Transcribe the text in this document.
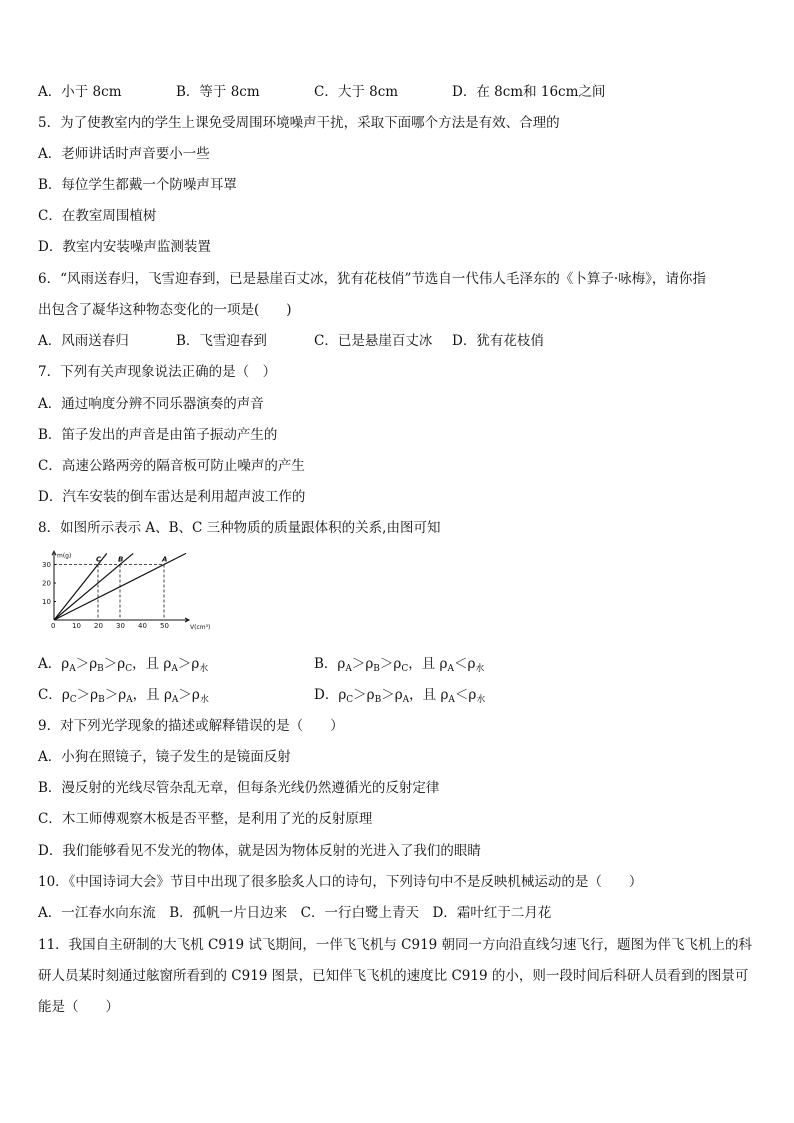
A．小于 8cm	B．等于 8cm	C．大于 8cm	D．在 8cm和 16cm之间
5．为了使教室内的学生上课免受周围环境噪声干扰，采取下面哪个方法是有效、合理的
A．老师讲话时声音要小一些
B．每位学生都戴一个防噪声耳罩
C．在教室周围植树
D．教室内安装噪声监测装置
6．“风雨送春归，飞雪迎春到，已是悬崖百丈冰，犹有花枝俏”节选自一代伟人毛泽东的《卜算子·咏梅》，请你指
出包含了凝华这种物态变化的一项是(　　)
A．风雨送春归	B．飞雪迎春到	C．已是悬崖百丈冰 D．犹有花枝俏
7．下列有关声现象说法正确的是（　）
A．通过响度分辨不同乐器演奏的声音
B．笛子发出的声音是由笛子振动产生的
C．高速公路两旁的隔音板可防止噪声的产生
D．汽车安装的倒车雷达是利用超声波工作的
8．如图所示表示 A、B、C 三种物质的质量跟体积的关系,由图可知
0 10 20 30 40 50
10
20
30
V(cm³)
m(g)	C B	A
A．$\rho_A>\rho_B>\rho_C$，且 $\rho_A>\rho_水$	B．$\rho_A>\rho_B>\rho_C$，且 $\rho_A<\rho_水$
C．$\rho_C>\rho_B>\rho_A$，且 $\rho_A>\rho_水$	D．$\rho_C>\rho_B>\rho_A$，且 $\rho_A<\rho_水$
9．对下列光学现象的描述或解释错误的是（　　）
B．漫反射的光线尽管杂乱无章，但每条光线仍然遵循光的反射定律
A．小狗在照镜子，镜子发生的是镜面反射
C．木工师傅观察木板是否平整，是利用了光的反射原理
D．我们能够看见不发光的物体，就是因为物体反射的光进入了我们的眼睛
10．《中国诗词大会》节目中出现了很多脍炙人口的诗句，下列诗句中不是反映机械运动的是（　　）
A．一江春水向东流　B．孤帆一片日边来　C．一行白鹭上青天　D．霜叶红于二月花
11．我国自主研制的大飞机 C919 试飞期间，一伴飞飞机与 C919 朝同一方向沿直线匀速飞行，题图为伴飞飞机上的科
研人员某时刻通过舷窗所看到的 C919 图景，已知伴飞飞机的速度比 C919 的小，则一段时间后科研人员看到的图景可
能是（　　）
